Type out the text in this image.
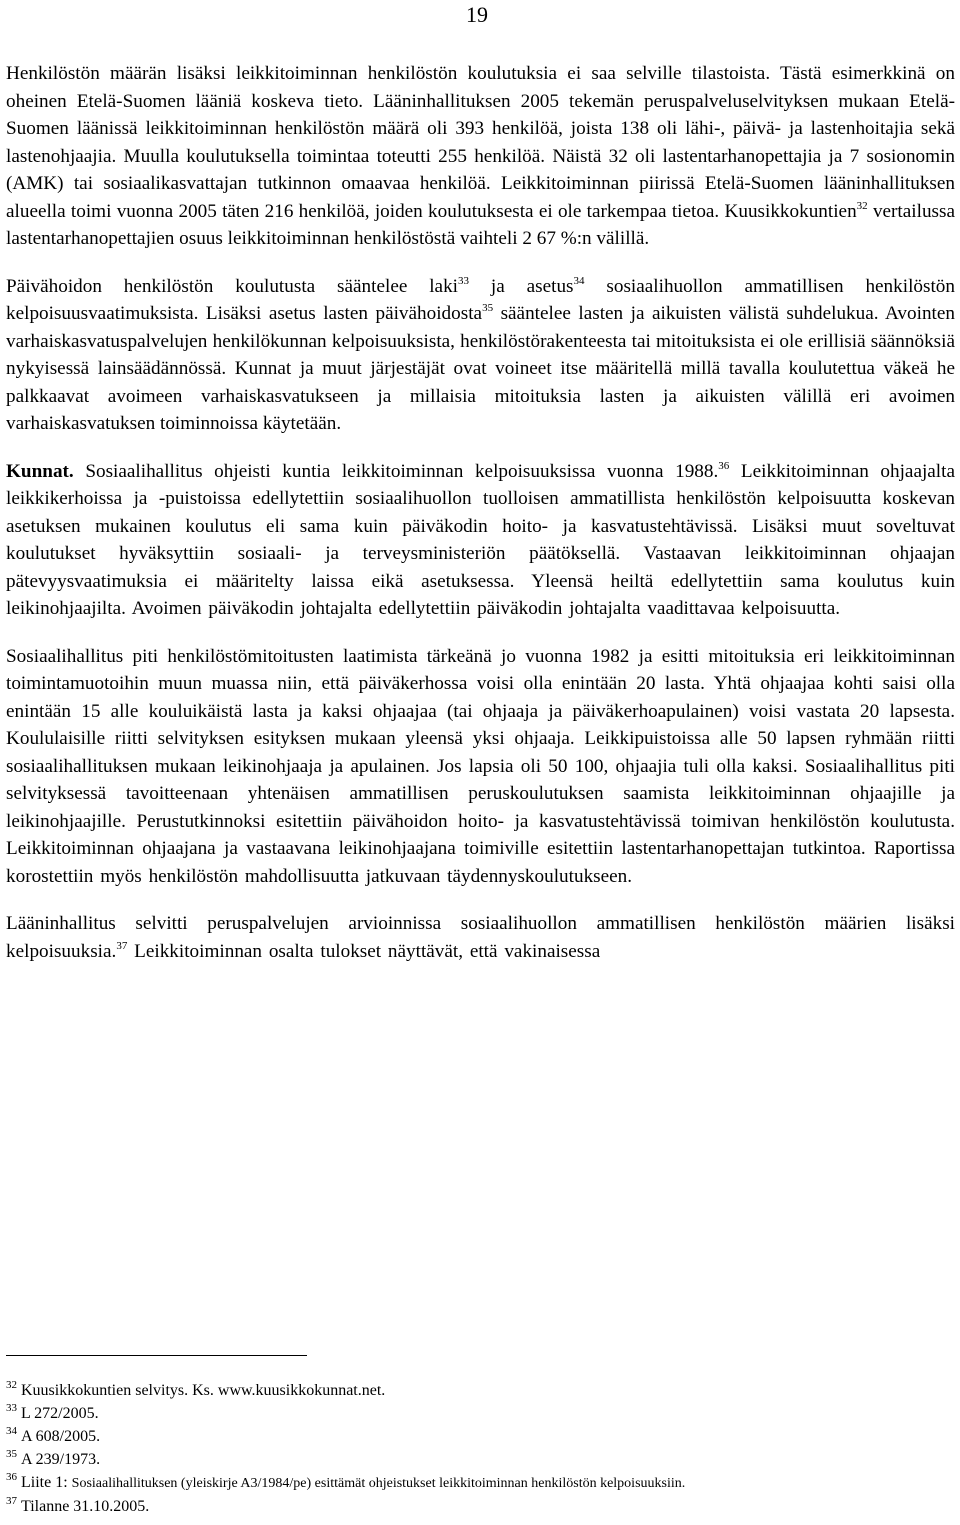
19

Henkilöstön määrän lisäksi leikkitoiminnan henkilöstön koulutuksia ei saa selville tilastoista. Tästä esimerkkinä on oheinen Etelä-Suomen lääniä koskeva tieto. Lääninhallituksen 2005 tekemän peruspalveluselvityksen mukaan Etelä-Suomen läänissä leikkitoiminnan henkilöstön määrä oli 393 henkilöä, joista 138 oli lähi-, päivä- ja lastenhoitajia sekä lastenohjaajia. Muulla koulutuksella toimintaa toteutti 255 henkilöä. Näistä 32 oli lastentarhanopettajia ja 7 sosionomin (AMK) tai sosiaalikasvattajan tutkinnon omaavaa henkilöä. Leikkitoiminnan piirissä Etelä-Suomen lääninhallituksen alueella toimi vuonna 2005 täten 216 henkilöä, joiden koulutuksesta ei ole tarkempaa tietoa. Kuusikkokuntien$^{32}$ vertailussa lastentarhanopettajien osuus leikkitoiminnan henkilöstöstä vaihteli 2 67 %:n välillä.

Päivähoidon henkilöstön koulutusta sääntelee laki$^{33}$ ja asetus$^{34}$ sosiaalihuollon ammatillisen henkilöstön kelpoisuusvaatimuksista. Lisäksi asetus lasten päivähoidosta$^{35}$ sääntelee lasten ja aikuisten välistä suhdelukua. Avointen varhaiskasvatuspalvelujen henkilökunnan kelpoisuuksista, henkilöstörakenteesta tai mitoituksista ei ole erillisiä säännöksiä nykyisessä lainsäädännössä. Kunnat ja muut järjestäjät ovat voineet itse määritellä millä tavalla koulutettua väkeä he palkkaavat avoimeen varhaiskasvatukseen ja millaisia mitoituksia lasten ja aikuisten välillä eri avoimen varhaiskasvatuksen toiminnoissa käytetään.

Kunnat. Sosiaalihallitus ohjeisti kuntia leikkitoiminnan kelpoisuuksissa vuonna 1988.36 Leikkitoiminnan ohjaajalta leikkikerhoissa ja -puistoissa edellytettiin sosiaalihuollon tuolloisen ammatillista henkilöstön kelpoisuutta koskevan asetuksen mukainen koulutus eli sama kuin päiväkodin hoito- ja kasvatustehtävissä. Lisäksi muut soveltuvat koulutukset hyväksyttiin sosiaali- ja terveysministeriön päätöksellä. Vastaavan leikkitoiminnan ohjaajan pätevyysvaatimuksia ei määritelty laissa eikä asetuksessa. Yleensä heiltä edellytettiin sama koulutus kuin leikinohjaajilta. Avoimen päiväkodin johtajalta edellytettiin päiväkodin johtajalta vaadittavaa kelpoisuutta.

Sosiaalihallitus piti henkilöstömitoitusten laatimista tärkeänä jo vuonna 1982 ja esitti mitoituksia eri leikkitoiminnan toimintamuotoihin muun muassa niin, että päiväkerhossa voisi olla enintään 20 lasta. Yhtä ohjaajaa kohti saisi olla enintään 15 alle kouluikäistä lasta ja kaksi ohjaajaa (tai ohjaaja ja päiväkerhoapulainen) voisi vastata 20 lapsesta. Koululaisille riitti selvityksen esityksen mukaan yleensä yksi ohjaaja. Leikkipuistoissa alle 50 lapsen ryhmään riitti sosiaalihallituksen mukaan leikinohjaaja ja apulainen. Jos lapsia oli 50 100, ohjaajia tuli olla kaksi. Sosiaalihallitus piti selvityksessä tavoitteenaan yhtenäisen ammatillisen peruskoulutuksen saamista leikkitoiminnan ohjaajille ja leikinohjaajille. Perustutkinnoksi esitettiin päivähoidon hoito- ja kasvatustehtävissä toimivan henkilöstön koulutusta. Leikkitoiminnan ohjaajana ja vastaavana leikinohjaajana toimiville esitettiin lastentarhanopettajan tutkintoa. Raportissa korostettiin myös henkilöstön mahdollisuutta jatkuvaan täydennyskoulutukseen.

Lääninhallitus selvitti peruspalvelujen arvioinnissa sosiaalihuollon ammatillisen henkilöstön määrien lisäksi kelpoisuuksia.$^{37}$ Leikkitoiminnan osalta tulokset näyttävät, että vakinaisessa

$^{32}$ Kuusikkokuntien selvitys. Ks. www.kuusikkokunnat.net.

$^{33}$ L 272/2005.

$^{34}$ A 608/2005.

$^{35}$ A 239/1973.

$^{36}$ Liite 1: Sosiaalihallituksen (yleiskirje A3/1984/pe) esittämät ohjeistukset leikkitoiminnan henkilöstön kelpoisuuksiin.

$^{37}$ Tilanne 31.10.2005.
